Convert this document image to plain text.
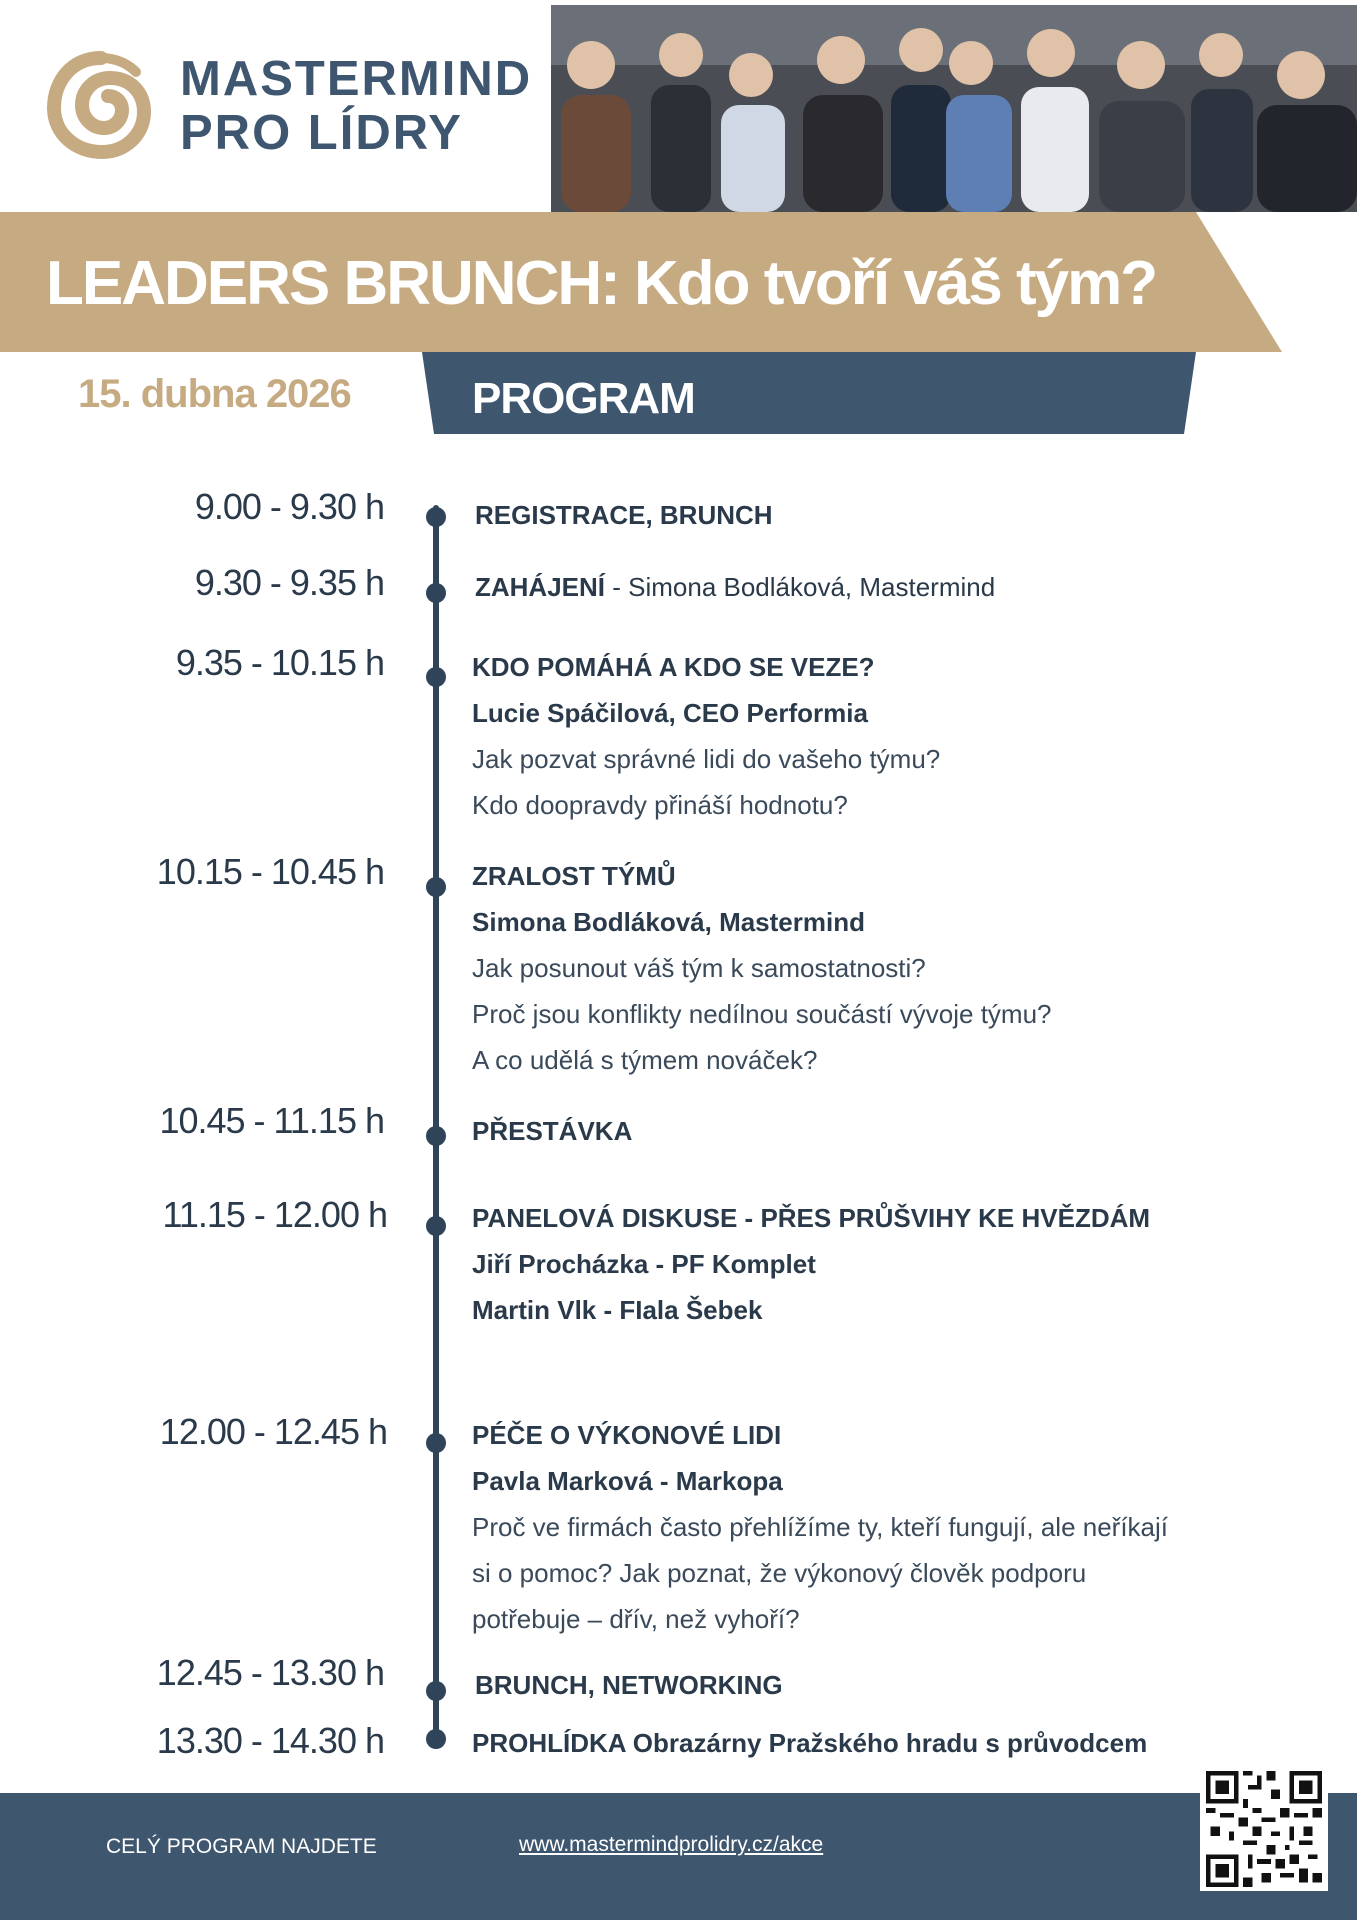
MASTERMIND
PRO LÍDRY
LEADERS BRUNCH: Kdo tvoří váš tým?
15. dubna 2026	PROGRAM
9.00 - 9.30 h	REGISTRACE, BRUNCH
9.30 - 9.35 h	ZAHÁJENÍ - Simona Bodláková, Mastermind
9.35 - 10.15 h	KDO POMÁHÁ A KDO SE VEZE?
Lucie Spáčilová, CEO Performia
Jak pozvat správné lidi do vašeho týmu?
Kdo doopravdy přináší hodnotu?
10.15 - 10.45 h	ZRALOST TÝMŮ
Simona Bodláková, Mastermind
Jak posunout váš tým k samostatnosti?
Proč jsou konflikty nedílnou součástí vývoje týmu?
A co udělá s týmem nováček?
10.45 - 11.15 h	PŘESTÁVKA
11.15 - 12.00 h	PANELOVÁ DISKUSE - PŘES PRŮŠVIHY KE HVĚZDÁM
Jiří Procházka - PF Komplet
Martin Vlk - FIala Šebek
12.00 - 12.45 h	PÉČE O VÝKONOVÉ LIDI
Pavla Marková - Markopa
Proč ve firmách často přehlížíme ty, kteří fungují, ale neříkají
si o pomoc? Jak poznat, že výkonový člověk podporu
potřebuje – dřív, než vyhoří?
12.45 - 13.30 h	BRUNCH, NETWORKING
13.30 - 14.30 h	PROHLÍDKA Obrazárny Pražského hradu s průvodcem
CELÝ PROGRAM NAJDETE	www.mastermindprolidry.cz/akce
